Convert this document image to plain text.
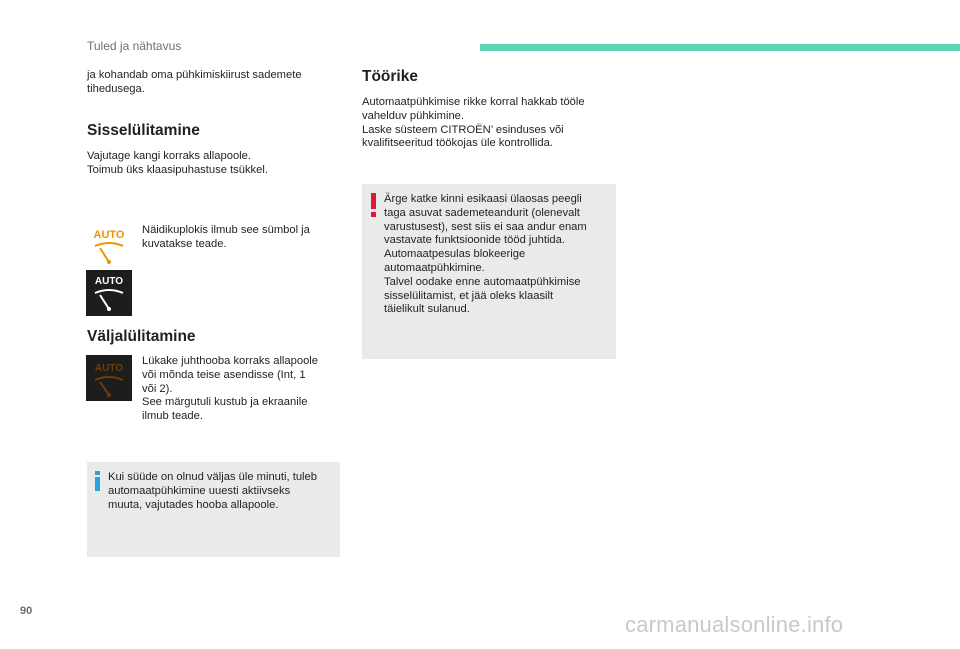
Tuled ja nähtavus
ja kohandab oma pühkimiskiirust sademete
tihedusega.
Sisselülitamine
Vajutage kangi korraks allapoole.
Toimub üks klaasipuhastuse tsükkel.
AUTO
AUTO
Näidikuplokis ilmub see sümbol ja
kuvatakse teade.
Väljalülitamine
AUTO
Lükake juhthooba korraks allapoole
või mõnda teise asendisse (Int, 1
või 2).
See märgutuli kustub ja ekraanile
ilmub teade.
Kui süüde on olnud väljas üle minuti, tuleb
automaatpühkimine uuesti aktiivseks
muuta, vajutades hooba allapoole.
Töörike
Automaatpühkimise rikke korral hakkab tööle
vahelduv pühkimine.
Laske süsteem CITROËN’ esinduses või
kvalifitseeritud töökojas üle kontrollida.
Ärge katke kinni esikaasi ülaosas peegli
taga asuvat sademeteandurit (olenevalt
varustusest), sest siis ei saa andur enam
vastavate funktsioonide tööd juhtida.
Automaatpesulas blokeerige
automaatpühkimine.
Talvel oodake enne automaatpühkimise
sisselülitamist, et jää oleks klaasilt
täielikult sulanud.
90
carmanualsonline.info
